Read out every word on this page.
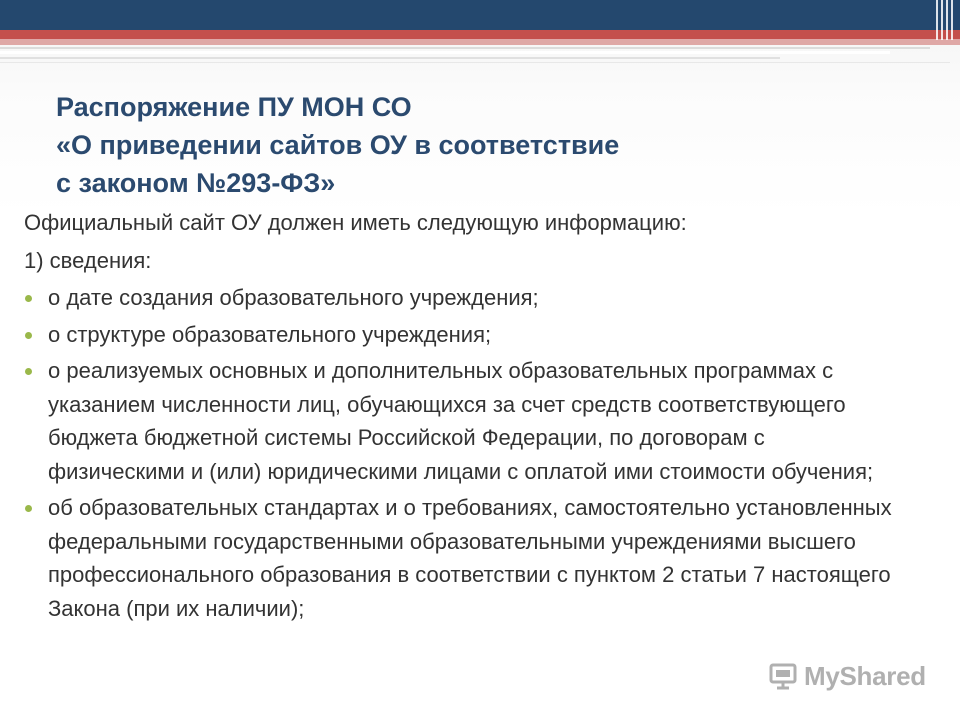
Распоряжение ПУ МОН СО
«О приведении сайтов ОУ в соответствие
с законом №293-ФЗ»

Официальный сайт ОУ должен иметь следующую информацию:

1) сведения:

о дате создания образовательного учреждения;
о структуре образовательного учреждения;
о реализуемых основных и дополнительных образовательных программах с указанием численности лиц, обучающихся за счет средств соответствующего бюджета бюджетной системы Российской Федерации, по договорам с физическими и (или) юридическими лицами с оплатой ими стоимости обучения;
об образовательных стандартах и о требованиях, самостоятельно установленных федеральными государственными образовательными учреждениями высшего профессионального образования в соответствии с пунктом 2 статьи 7 настоящего Закона (при их наличии);
MyShared
